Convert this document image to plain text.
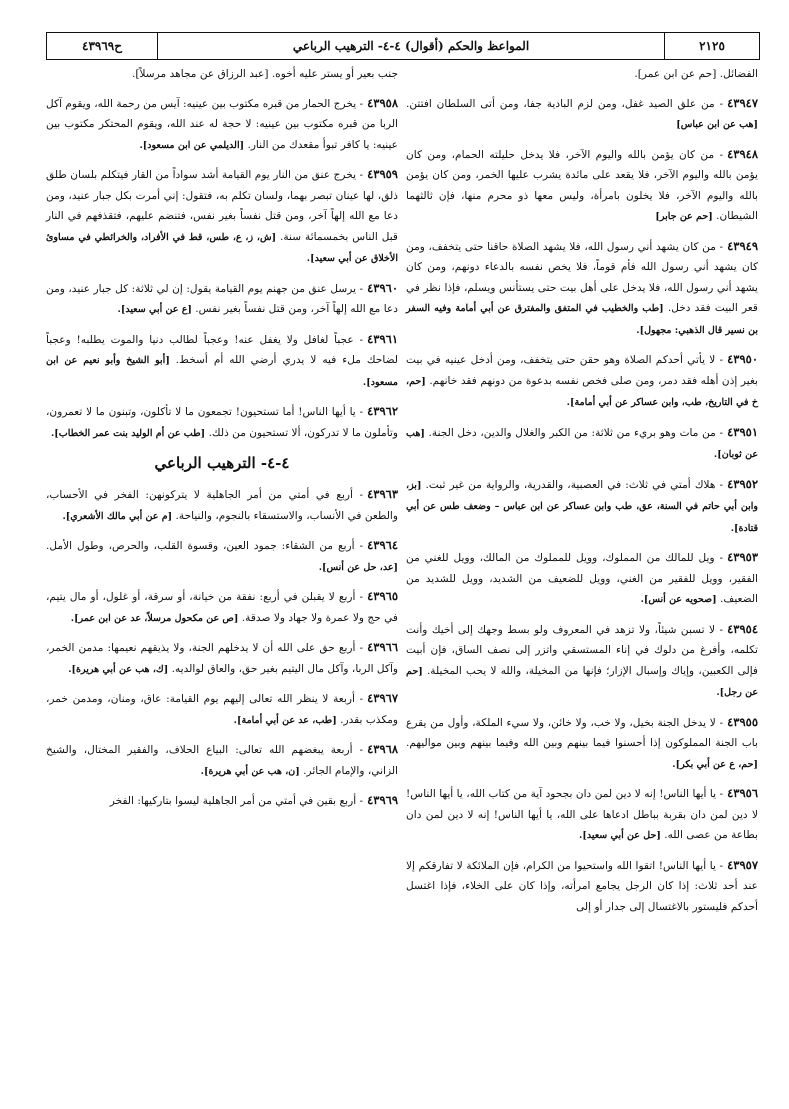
٢١٢٥
المواعظ والحكم (أقوال) ٤-٤- الترهيب الرباعي
ح٤٣٩٦٩

الفضائل. [حم عن ابن عمر].

٤٣٩٤٧- من علق الصيد غفل، ومن لزم البادية جفا، ومن أتى السلطان افتتن. [هب عن ابن عباس]

٤٣٩٤٨- من كان يؤمن بالله واليوم الآخر، فلا يدخل حليلته الحمام، ومن كان يؤمن بالله واليوم الآخر، فلا يقعد على مائدة يشرب عليها الخمر، ومن كان يؤمن بالله واليوم الآخر، فلا يخلون بامرأة، وليس معها ذو محرم منها، فإن ثالثهما الشيطان. [حم عن جابر]

٤٣٩٤٩- من كان يشهد أني رسول الله، فلا يشهد الصلاة حاقنا حتى يتخفف، ومن كان يشهد أني رسول الله فأم قوماً، فلا يخص نفسه بالدعاء دونهم، ومن كان يشهد أني رسول الله، فلا يدخل على أهل بيت حتى يستأنس ويسلم، فإذا نظر في قعر البيت فقد دخل. [طب والخطيب في المتفق والمفترق عن أبي أمامة وفيه السفر بن نسير قال الذهبي: مجهول].

٤٣٩٥٠- لا يأتي أحدكم الصلاة وهو حقن حتى يتخفف، ومن أدخل عينيه في بيت بغير إذن أهله فقد دمر، ومن صلى فخص نفسه بدعوة من دونهم فقد خانهم. [حم، خ في التاريخ، طب، وابن عساكر عن أبي أمامة].

٤٣٩٥١- من مات وهو بريء من ثلاثة: من الكبر والغلال والدين، دخل الجنة. [هب عن ثوبان].

٤٣٩٥٢- هلاك أمتي في ثلاث: في العصبية، والقدرية، والرواية من غير ثبت. [بز، وابن أبي حاتم في السنة، عق، طب وابن عساكر عن ابن عباس – وضعف طس عن أبي قتادة].

٤٣٩٥٣- ويل للمالك من المملوك، وويل للمملوك من المالك، وويل للغني من الفقير، وويل للفقير من الغني، وويل للضعيف من الشديد، وويل للشديد من الضعيف. [صحويه عن أنس].

٤٣٩٥٤- لا تسبن شيئاً، ولا تزهد في المعروف ولو بسط وجهك إلى أخيك وأنت تكلمه، وأفرغ من دلوك في إناء المستسقي واتزر إلى نصف الساق، فإن أبيت فإلى الكعبين، وإياك وإسبال الإزار؛ فإنها من المخيلة، والله لا يحب المخيلة. [حم عن رجل].

٤٣٩٥٥- لا يدخل الجنة بخيل، ولا خب، ولا خائن، ولا سيء الملكة، وأول من يقرع باب الجنة المملوكون إذا أحسنوا فيما بينهم وبين الله وفيما بينهم وبين مواليهم. [حم، ع عن أبي بكر].

٤٣٩٥٦- يا أيها الناس! إنه لا دين لمن دان بجحود آية من كتاب الله، يا أيها الناس! لا دين لمن دان بقربة بباطل ادعاها على الله، يا أيها الناس! إنه لا دين لمن دان بطاعة من عصى الله. [حل عن أبي سعيد].

٤٣٩٥٧- يا أيها الناس! اتقوا الله واستحيوا من الكرام، فإن الملائكة لا تفارقكم إلا عند أحد ثلاث: إذا كان الرجل يجامع امرأته، وإذا كان على الخلاء، فإذا اغتسل أحدكم فليستور بالاغتسال إلى جدار أو إلى

جنب بعير أو يستر عليه أخوه. [عبد الرزاق عن مجاهد مرسلاً].

٤٣٩٥٨- يخرج الحمار من قبره مكتوب بين عينيه: آيس من رحمة الله، ويقوم آكل الربا من قبره مكتوب بين عينيه: لا حجة له عند الله، ويقوم المحتكر مكتوب بين عينيه: يا كافر تبوأ مقعدك من النار. [الديلمي عن ابن مسعود].

٤٣٩٥٩- يخرج عنق من النار يوم القيامة أشد سواداً من القار فيتكلم بلسان طلق ذلق، لها عينان تبصر بهما، ولسان تكلم به، فتقول: إني أمرت بكل جبار عنيد، ومن دعا مع الله إلهاً آخر، ومن قتل نفساً بغير نفس، فتنضم عليهم، فتقذفهم في النار قبل الناس بخمسمائة سنة. [ش، ز، ع، طس، قط في الأفراد، والخرائطي في مساوئ الأخلاق عن أبي سعيد].

٤٣٩٦٠- يرسل عنق من جهنم يوم القيامة يقول: إن لي ثلاثة: كل جبار عنيد، ومن دعا مع الله إلهاً آخر، ومن قتل نفساً بغير نفس. [ع عن أبي سعيد].

٤٣٩٦١- عجباً لغافل ولا يغفل عنه! وعجباً لطالب دنيا والموت يطلبه! وعجباً لضاحك ملء فيه لا يدري أرضي الله أم أسخط. [أبو الشيخ وأبو نعيم عن ابن مسعود].

٤٣٩٦٢- يا أيها الناس! أما تستحيون! تجمعون ما لا تأكلون، وتبنون ما لا تعمرون، وتأملون ما لا تدركون، ألا تستحيون من ذلك. [طب عن أم الوليد بنت عمر الخطاب].

٤-٤- الترهيب الرباعي

٤٣٩٦٣- أربع في أمتي من أمر الجاهلية لا يتركونهن: الفخر في الأحساب، والطعن في الأنساب، والاستسقاء بالنجوم، والنياحة. [م عن أبي مالك الأشعري].

٤٣٩٦٤- أربع من الشقاء: جمود العين، وقسوة القلب، والحرص، وطول الأمل. [عد، حل عن أنس].

٤٣٩٦٥- أربع لا يقبلن في أربع: نفقة من خيانة، أو سرقة، أو غلول، أو مال يتيم، في حج ولا عمرة ولا جهاد ولا صدقة. [ص عن مكحول مرسلاً، عد عن ابن عمر].

٤٣٩٦٦- أربع حق على الله أن لا يدخلهم الجنة، ولا يذيقهم نعيمها: مدمن الخمر، وآكل الربا، وآكل مال اليتيم بغير حق، والعاق لوالديه. [ك، هب عن أبي هريرة].

٤٣٩٦٧- أربعة لا ينظر الله تعالى إليهم يوم القيامة: عاق، ومنان، ومدمن خمر، ومكذب بقدر. [طب، عد عن أبي أمامة].

٤٣٩٦٨- أربعة يبغضهم الله تعالى: البياع الحلاف، والفقير المختال، والشيخ الزاني، والإمام الجائر. [ن، هب عن أبي هريرة].

٤٣٩٦٩- أربع بقين في أمتي من أمر الجاهلية ليسوا بتاركيها: الفخر
